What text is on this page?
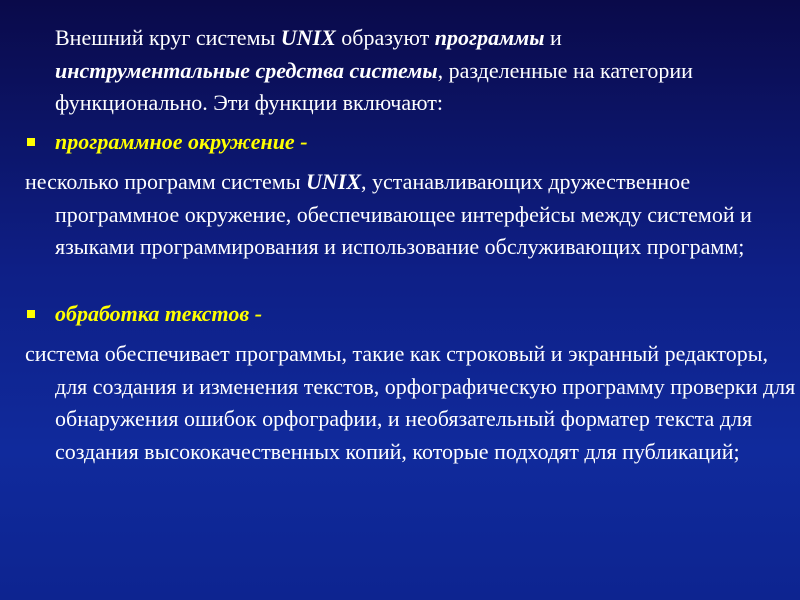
Внешний круг системы UNIX образуют программы и инструментальные средства системы, разделенные на категории функционально. Эти функции включают:

программное окружение -

несколько программ системы UNIX, устанавливающих дружественное программное окружение, обеспечивающее интерфейсы между системой и языками программирования и использование обслуживающих программ;

обработка текстов -

система обеспечивает программы, такие как строковый и экранный редакторы, для создания и изменения текстов, орфографическую программу проверки для обнаружения ошибок орфографии, и необязательный форматер текста для создания высококачественных копий, которые подходят для публикаций;
